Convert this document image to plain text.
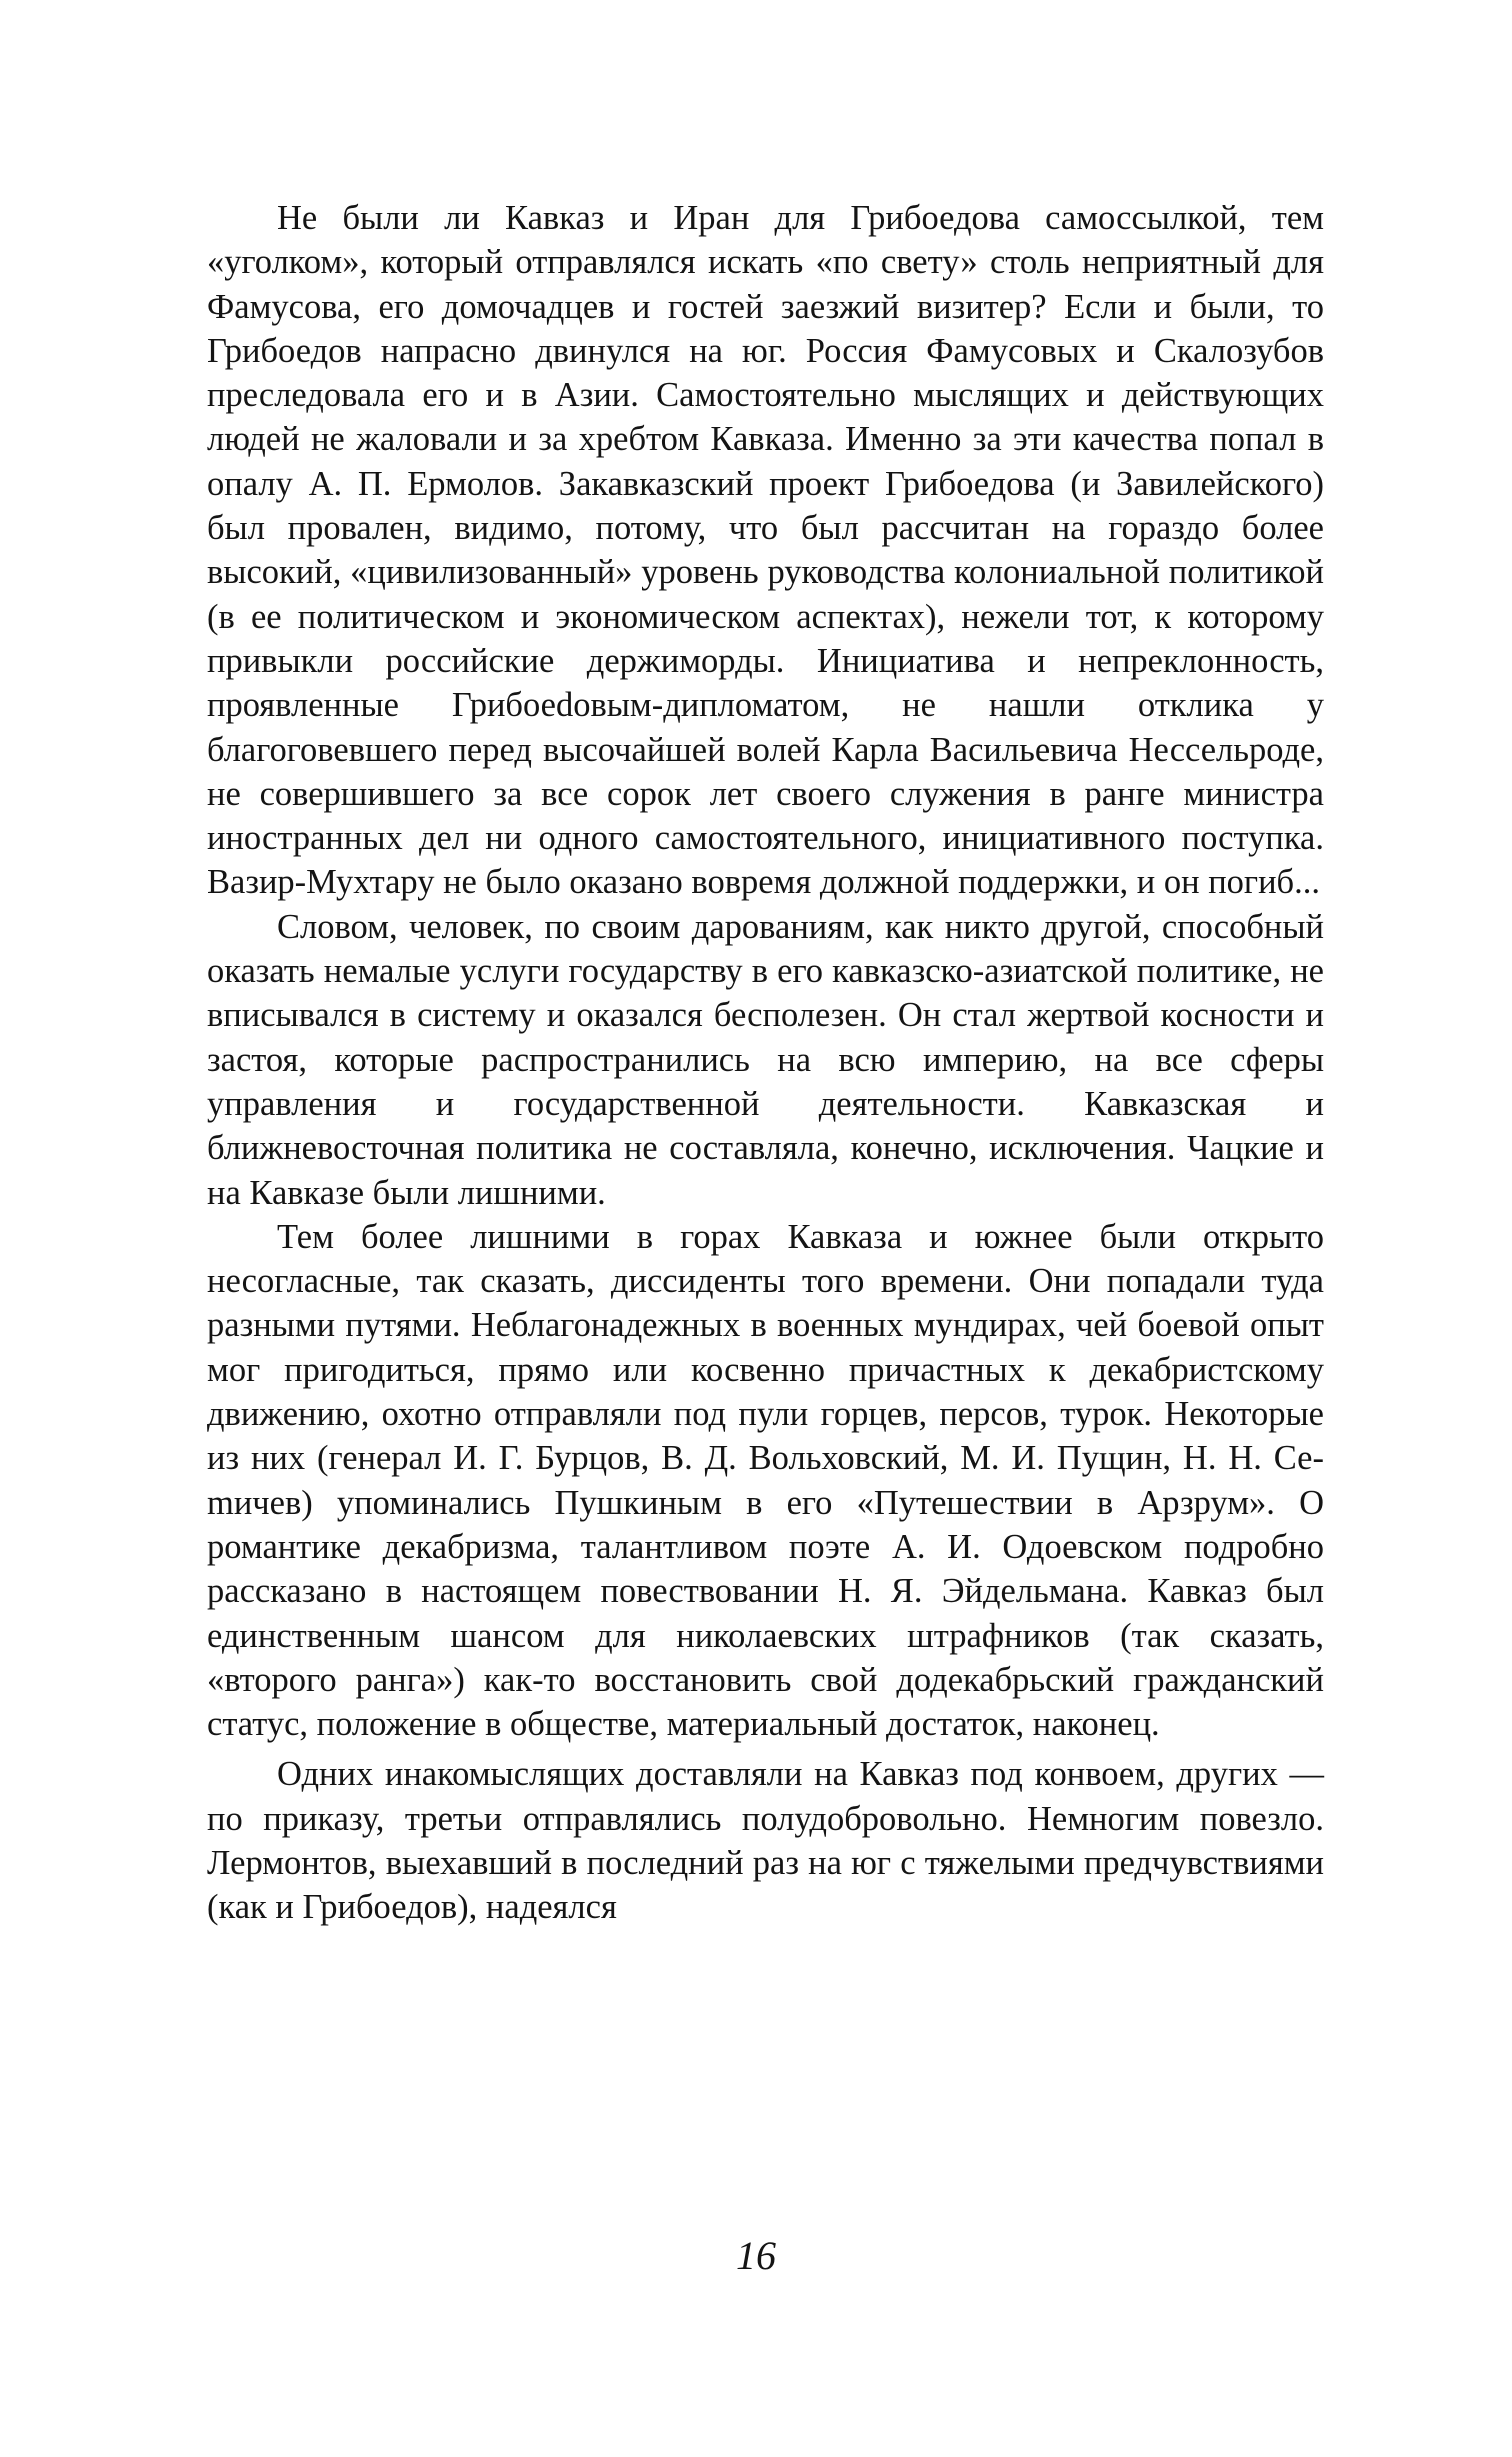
Не были ли Кавказ и Иран для Грибоедова самоссылкой, тем «уголком», который отправлялся искать «по свету» столь неприятный для Фамусова, его домочадцев и гостей заезжий визитер? Если и были, то Грибоедов напрасно двинулся на юг. Россия Фамусовых и Скалозубов преследовала его и в Азии. Самостоятельно мыслящих и действующих людей не жаловали и за хребтом Кавказа. Именно за эти качества попал в опалу А. П. Ермолов. Закавказский проект Грибоедова (и Завилейского) был провален, видимо, потому, что был рассчитан на гораздо более высокий, «цивилизованный» уровень руководства колониальной политикой (в ее политическом и экономическом аспектах), нежели тот, к которому привыкли российские держиморды. Инициатива и непреклонность, проявленные Грибоеdовым-дипломатом, не нашли отклика у благоговевшего перед высочайшей волей Карла Васильевича Нессельроде, не совершившего за все сорок лет своего служения в ранге министра иностранных дел ни одного самостоятельного, инициативного поступка. Вазир-Мухтару не было оказано вовремя должной поддержки, и он погиб...

Словом, человек, по своим дарованиям, как никто другой, способный оказать немалые услуги государству в его кавказско-азиатской политике, не вписывался в систему и оказался бесполезен. Он стал жертвой косности и застоя, которые распространились на всю империю, на все сферы управления и государственной деятельности. Кавказская и ближневосточная политика не составляла, конечно, исключения. Чацкие и на Кавказе были лишними.

Тем более лишними в горах Кавказа и южнее были открыто несогласные, так сказать, диссиденты того времени. Они попадали туда разными путями. Неблагонадежных в военных мундирах, чей боевой опыт мог пригодиться, прямо или косвенно причастных к декабристскому движению, охотно отправляли под пули горцев, персов, турок. Некоторые из них (генерал И. Г. Бурцов, В. Д. Вольховский, М. И. Пущин, Н. Н. Сеmичев) упоминались Пушкиным в его «Путешествии в Арзрум». О романтике декабризма, талантливом поэте А. И. Одоевском подробно рассказано в настоящем повествовании Н. Я. Эйдельмана. Кавказ был единственным шансом для николаевских штрафников (так сказать, «второго ранга») как-то восстановить свой додекабрьский гражданский статус, положение в обществе, материальный достаток, наконец.

Одних инакомыслящих доставляли на Кавказ под конвоем, других — по приказу, третьи отправлялись полудобровольно. Немногим повезло. Лермонтов, выехавший в последний раз на юг с тяжелыми предчувствиями (как и Грибоедов), надеялся

16
